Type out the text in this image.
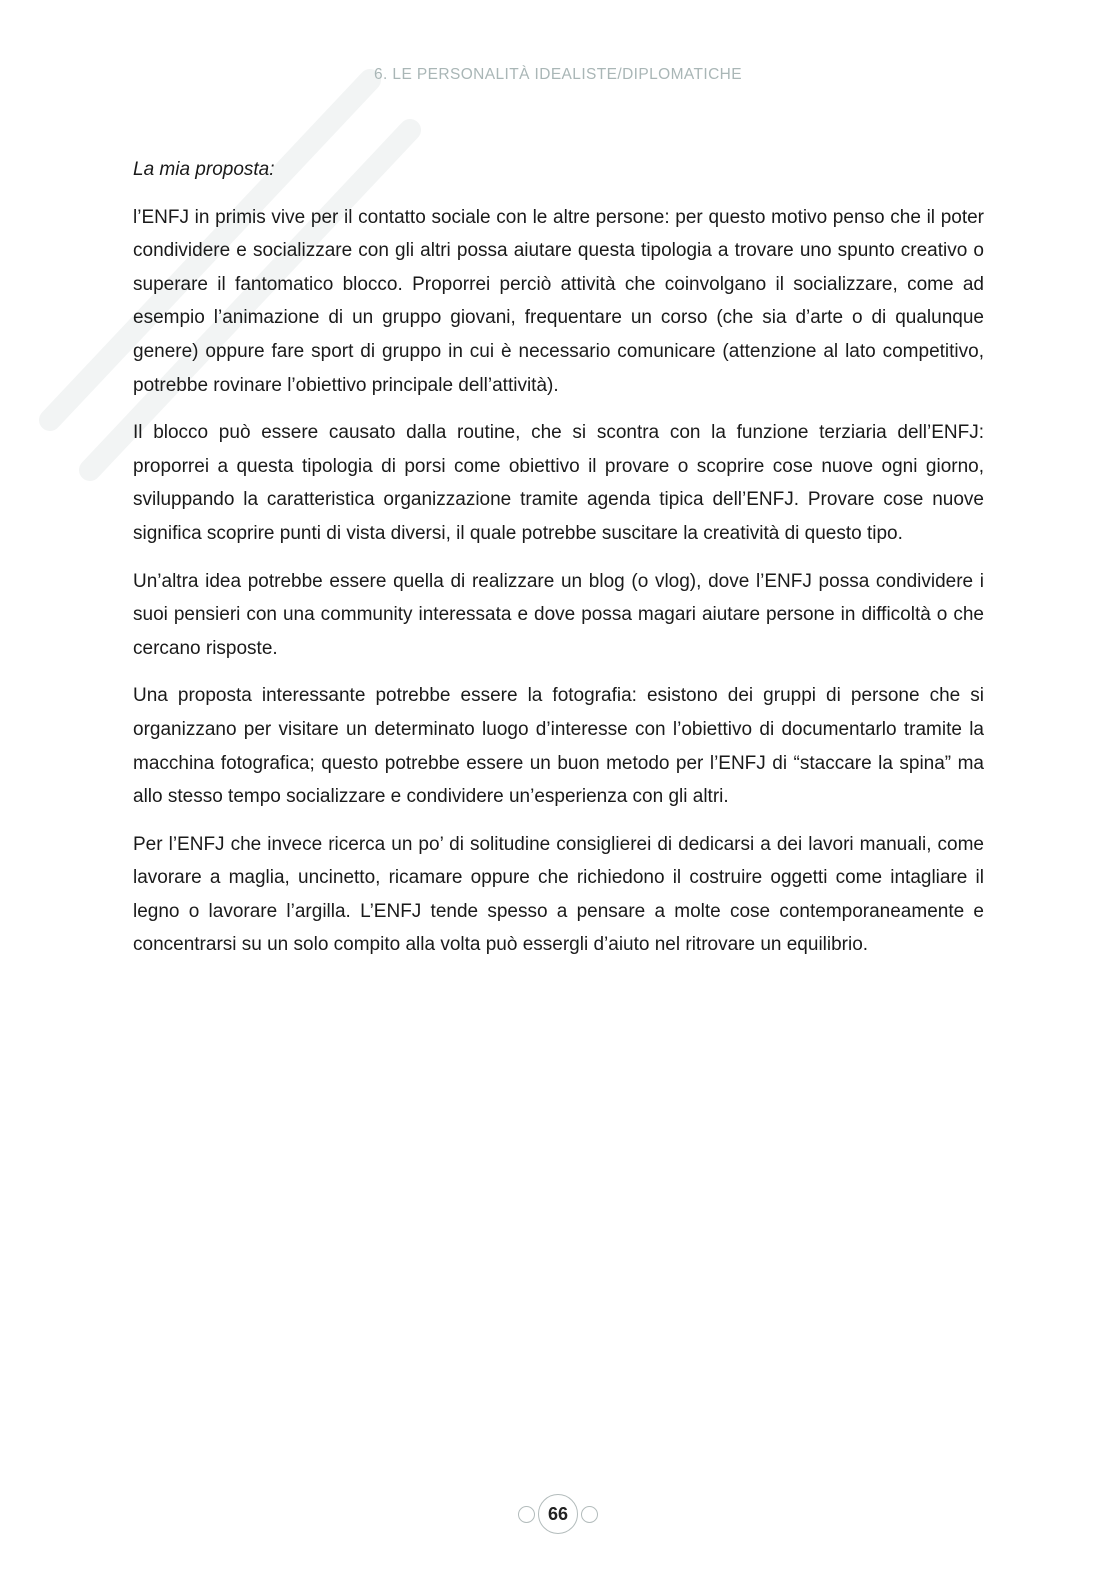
6. LE PERSONALITÀ IDEALISTE/DIPLOMATICHE

La mia proposta:

l’ENFJ in primis vive per il contatto sociale con le altre persone: per questo motivo penso che il poter condividere e socializzare con gli altri possa aiutare questa tipologia a trovare uno spunto creativo o superare il fantomatico blocco. Proporrei perciò attività che coinvolgano il socializzare, come ad esempio l’animazione di un gruppo giovani, frequentare un corso (che sia d’arte o di qualunque genere) oppure fare sport di gruppo in cui è necessario comunicare (attenzione al lato competitivo, potrebbe rovinare l’obiettivo principale dell’attività).

Il blocco può essere causato dalla routine, che si scontra con la funzione terziaria dell’ENFJ: proporrei a questa tipologia di porsi come obiettivo il provare o scoprire cose nuove ogni giorno, sviluppando la caratteristica organizzazione tramite agenda tipica dell’ENFJ. Provare cose nuove significa scoprire punti di vista diversi, il quale potrebbe suscitare la creatività di questo tipo.

Un’altra idea potrebbe essere quella di realizzare un blog (o vlog), dove l’ENFJ possa condividere i suoi pensieri con una community interessata e dove possa magari aiutare persone in difficoltà o che cercano risposte.

Una proposta interessante potrebbe essere la fotografia: esistono dei gruppi di persone che si organizzano per visitare un determinato luogo d’interesse con l’obiettivo di documentarlo tramite la macchina fotografica; questo potrebbe essere un buon metodo per l’ENFJ di “staccare la spina” ma allo stesso tempo socializzare e condividere un’esperienza con gli altri.

Per l’ENFJ che invece ricerca un po’ di solitudine consiglierei di dedicarsi a dei lavori manuali, come lavorare a maglia, uncinetto, ricamare oppure che richiedono il costruire oggetti come intagliare il legno o lavorare l’argilla. L’ENFJ tende spesso a pensare a molte cose contemporaneamente e concentrarsi su un solo compito alla volta può essergli d’aiuto nel ritrovare un equilibrio.

66
